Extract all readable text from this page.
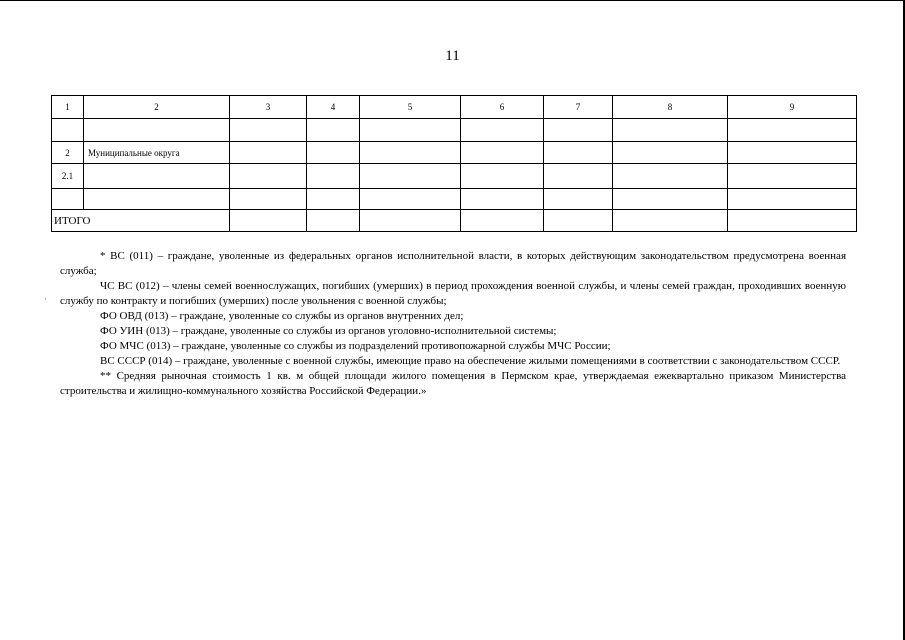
11
1	2	3	4	5	6	7	8	9

2	Муниципальные округа							
2.1								

ИТОГО								
'

* ВС (011) – граждане, уволенные из федеральных органов исполнительной власти, в которых действующим законодательством предусмотрена военная служба;

ЧС ВС (012) – члены семей военнослужащих, погибших (умерших) в период прохождения военной службы, и члены семей граждан, проходивших военную службу по контракту и погибших (умерших) после увольнения с военной службы;

ФО ОВД (013) – граждане, уволенные со службы из органов внутренних дел;

ФО УИН (013) – граждане, уволенные со службы из органов уголовно-исполнительной системы;

ФО МЧС (013) – граждане, уволенные со службы из подразделений противопожарной службы МЧС России;

ВС СССР (014) – граждане, уволенные с военной службы, имеющие право на обеспечение жилыми помещениями в соответствии с законодательством СССР.

** Средняя рыночная стоимость 1 кв. м общей площади жилого помещения в Пермском крае, утверждаемая ежеквартально приказом Министерства строительства и жилищно-коммунального хозяйства Российской Федерации.»
